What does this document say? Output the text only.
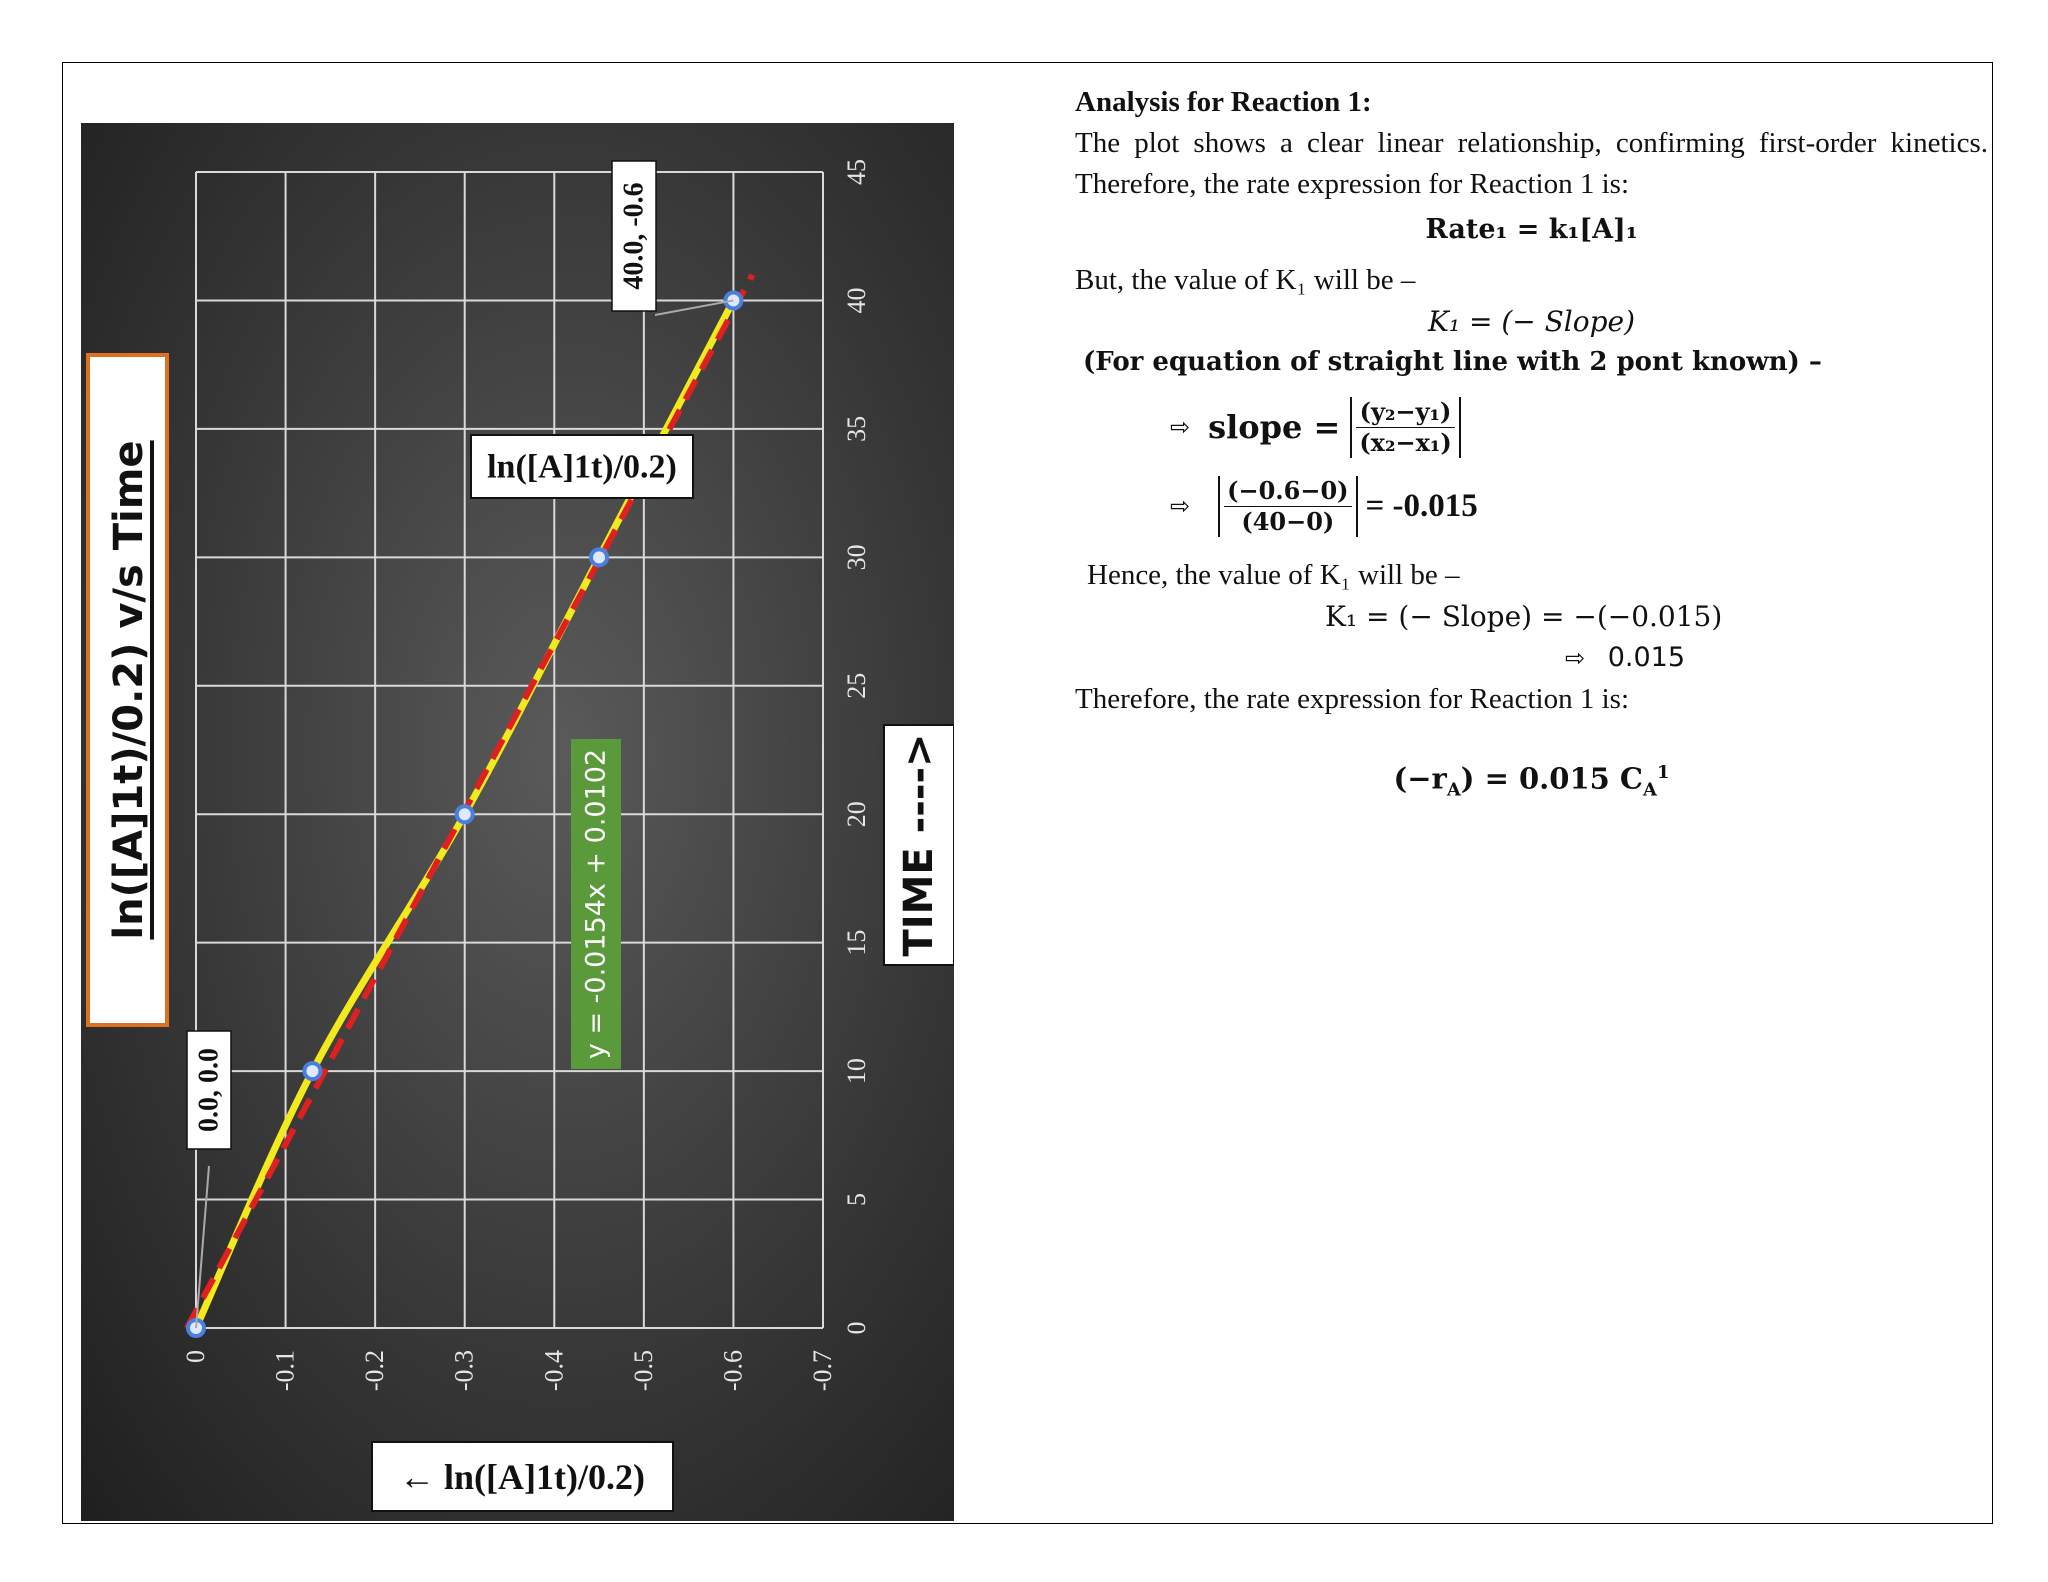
0 -0.1 -0.2 -0.3 -0.4 -0.5 -0.6 -0.7
0
5
10
15
20
25
30
35
40
45
0.0, 0.0
40.0, -0.6
ln([A]1t)/0.2)
y = -0.0154x + 0.0102
ln([A]1t)/0.2) v/s Time	TIME ---->
← ln([A]1t)/0.2)
Analysis for Reaction 1:
The plot shows a clear linear relationship, confirming first-order kinetics. Therefore, the rate expression for Reaction 1 is:
Rate₁ = k₁[A]₁
But, the value of K₁ will be –
K₁ = (− Slope)
(For equation of straight line with 2 pont known) –
⇨ slope = $\frac{\text{(y₂−y₁)}}{\text{(x₂−x₁)}}$
⇨ $\frac{(-0.6-0)}{(40-0)} = -0.015$
Hence, the value of K₁ will be –
K₁ = (− Slope) = −(−0.015)
⇨ 0.015
Therefore, the rate expression for Reaction 1 is:
$(-r_A) = 0.015$ $C_A^1$
